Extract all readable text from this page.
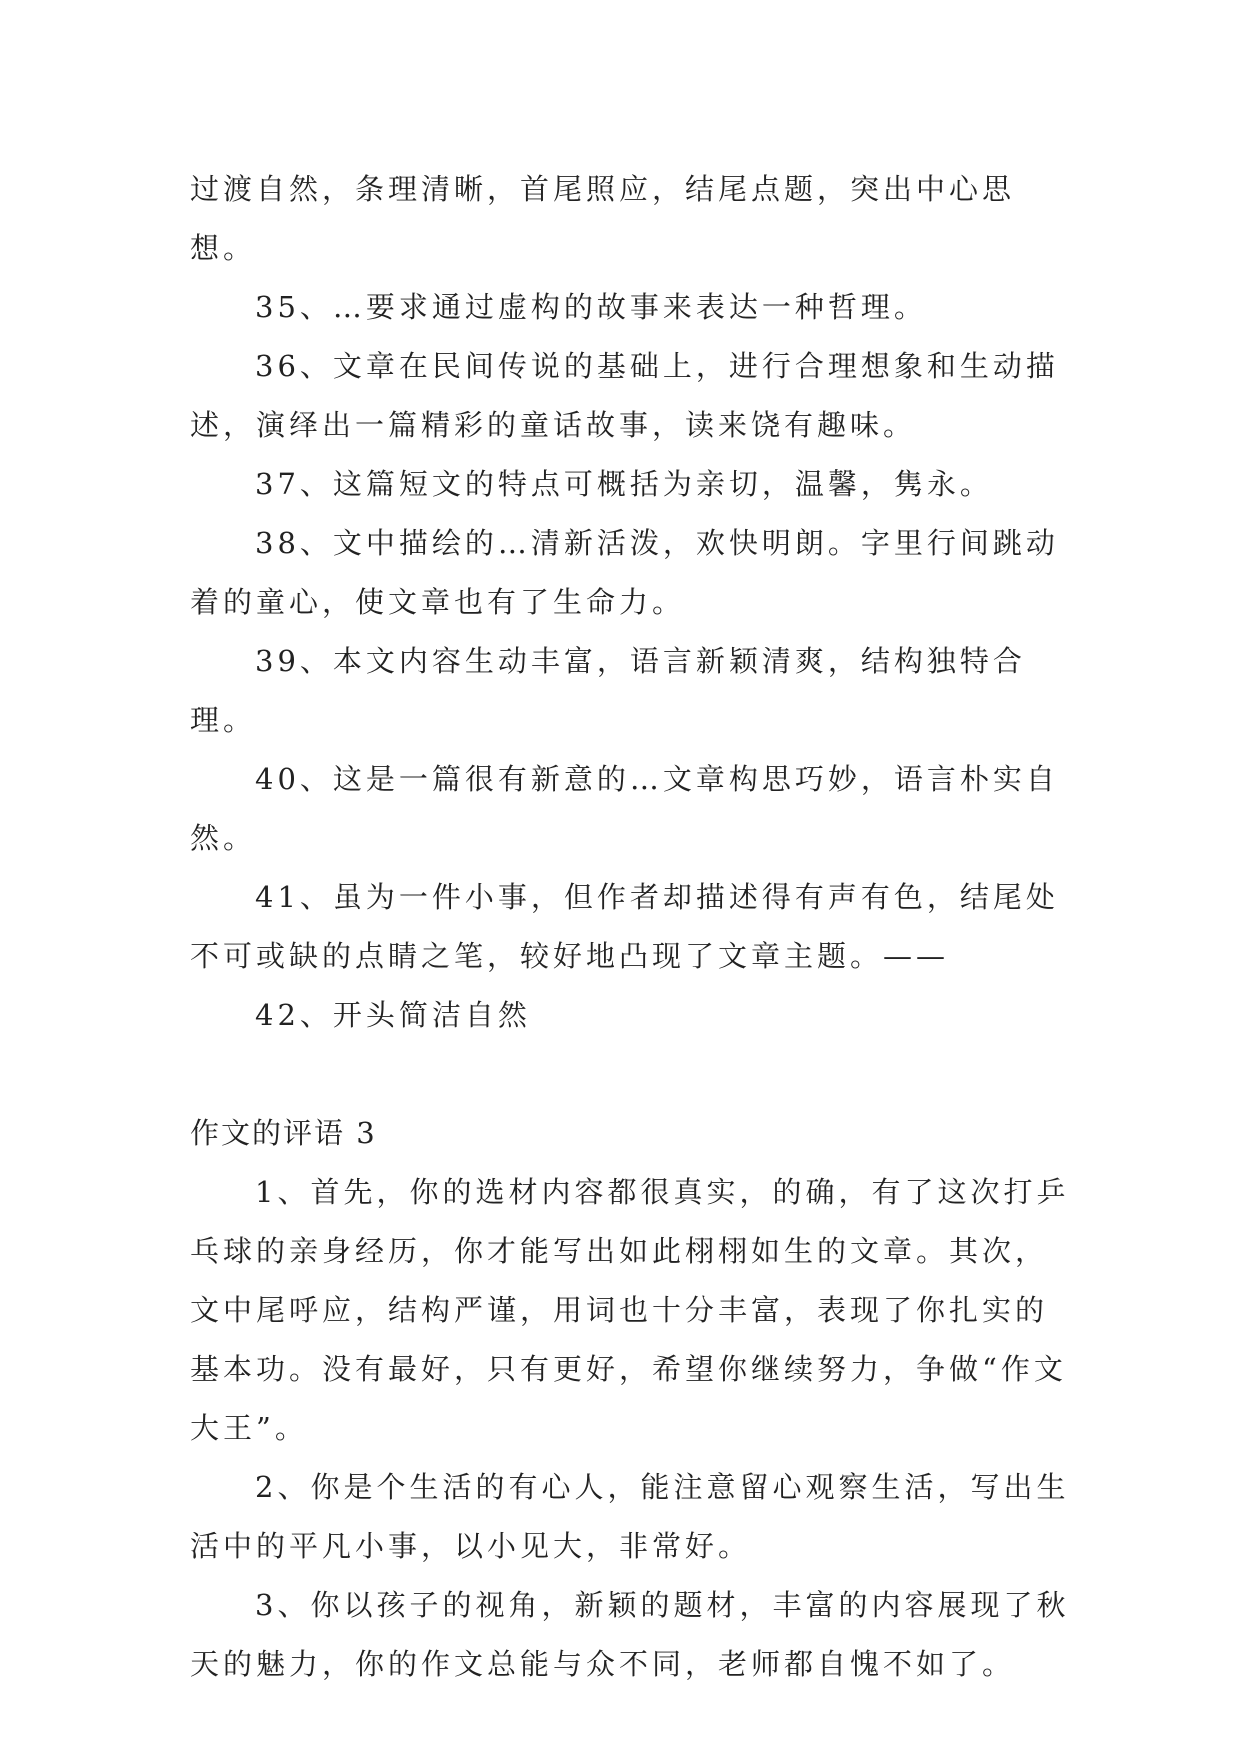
过渡自然，条理清晰，首尾照应，结尾点题，突出中心思想。

35、…要求通过虚构的故事来表达一种哲理。

36、文章在民间传说的基础上，进行合理想象和生动描述，演绎出一篇精彩的童话故事，读来饶有趣味。

37、这篇短文的特点可概括为亲切，温馨，隽永。

38、文中描绘的…清新活泼，欢快明朗。字里行间跳动着的童心，使文章也有了生命力。

39、本文内容生动丰富，语言新颖清爽，结构独特合理。

40、这是一篇很有新意的…文章构思巧妙，语言朴实自然。

41、虽为一件小事，但作者却描述得有声有色，结尾处不可或缺的点睛之笔，较好地凸现了文章主题。——

42、开头简洁自然

作文的评语 3

1、首先，你的选材内容都很真实，的确，有了这次打乒乓球的亲身经历，你才能写出如此栩栩如生的文章。其次，文中尾呼应，结构严谨，用词也十分丰富，表现了你扎实的基本功。没有最好，只有更好，希望你继续努力，争做“作文大王”。

2、你是个生活的有心人，能注意留心观察生活，写出生活中的平凡小事，以小见大，非常好。

3、你以孩子的视角，新颖的题材，丰富的内容展现了秋天的魅力，你的作文总能与众不同，老师都自愧不如了。
